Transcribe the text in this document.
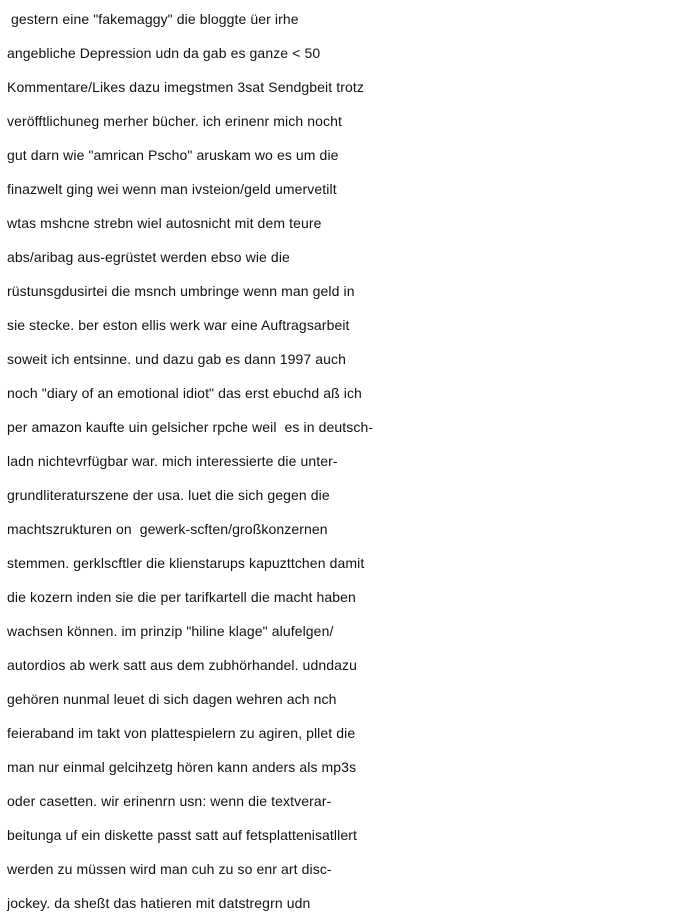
gestern eine "fakemaggy" die bloggte üer irhe
angebliche Depression udn da gab es ganze < 50
Kommentare/Likes dazu imegstmen 3sat Sendgbeit trotz
veröfftlichuneg merher bücher. ich erinenr mich nocht
gut darn wie "amrican Pscho" aruskam wo es um die
finazwelt ging wei wenn man ivsteion/geld umervetilt
wtas mshcne strebn wiel autosnicht mit dem teure
abs/aribag aus-egrüstet werden ebso wie die
rüstunsgdusirtei die msnch umbringe wenn man geld in
sie stecke. ber eston ellis werk war eine Auftragsarbeit
soweit ich entsinne. und dazu gab es dann 1997 auch
noch "diary of an emotional idiot" das erst ebuchd aß ich
per amazon kaufte uin gelsicher rpche weil  es in deutsch-
ladn nichtevrfügbar war. mich interessierte die unter-
grundliteraturszene der usa. luet die sich gegen die
machtszrukturen on  gewerk-scften/großkonzernen
stemmen. gerklscftler die klienstarups kapuzttchen damit
die kozern inden sie die per tarifkartell die macht haben
wachsen können. im prinzip "hiline klage" alufelgen/
autordios ab werk satt aus dem zubhörhandel. udndazu
gehören nunmal leuet di sich dagen wehren ach nch
feieraband im takt von plattespielern zu agiren, pllet die
man nur einmal gelcihzetg hören kann anders als mp3s
oder casetten. wir erinenrn usn: wenn die textverar-
beitunga uf ein diskette passt satt auf fetsplattenisatllert
werden zu müssen wird man cuh zu so enr art disc-
jockey. da sheßt das hatieren mit datstregrn udn
